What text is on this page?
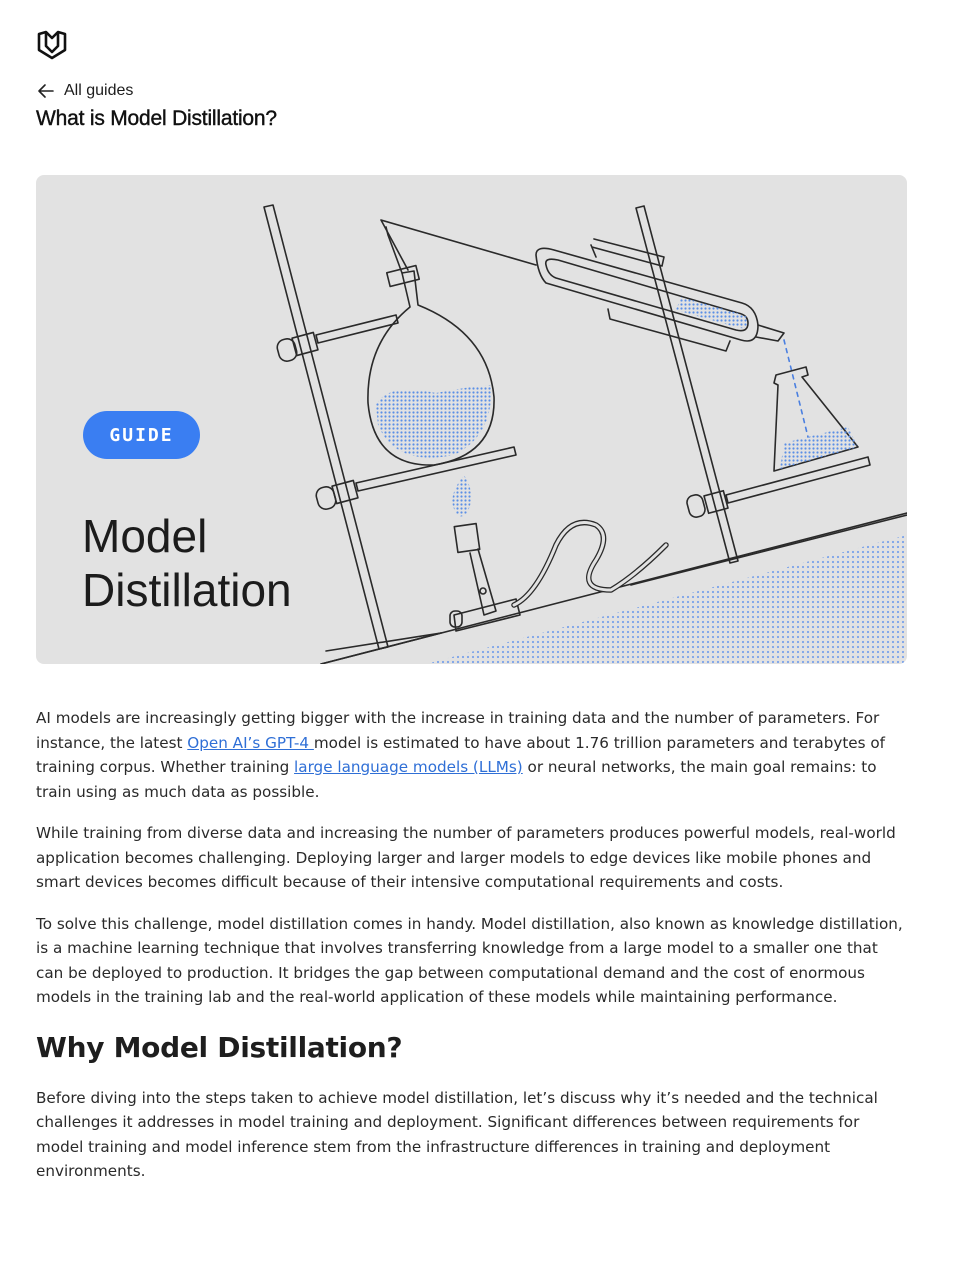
All guides
What is Model Distillation?
GUIDE
Model
Distillation

AI models are increasingly getting bigger with the increase in training data and the number of parameters. For instance, the latest Open AI’s GPT-4 model is estimated to have about 1.76 trillion parameters and terabytes of training corpus. Whether training large language models (LLMs) or neural networks, the main goal remains: to train using as much data as possible.

While training from diverse data and increasing the number of parameters produces powerful models, real-world application becomes challenging. Deploying larger and larger models to edge devices like mobile phones and smart devices becomes difficult because of their intensive computational requirements and costs.

To solve this challenge, model distillation comes in handy. Model distillation, also known as knowledge distillation, is a machine learning technique that involves transferring knowledge from a large model to a smaller one that can be deployed to production. It bridges the gap between computational demand and the cost of enormous models in the training lab and the real-world application of these models while maintaining performance.

Why Model Distillation?

Before diving into the steps taken to achieve model distillation, let’s discuss why it’s needed and the technical challenges it addresses in model training and deployment. Significant differences between requirements for model training and model inference stem from the infrastructure differences in training and deployment environments.
